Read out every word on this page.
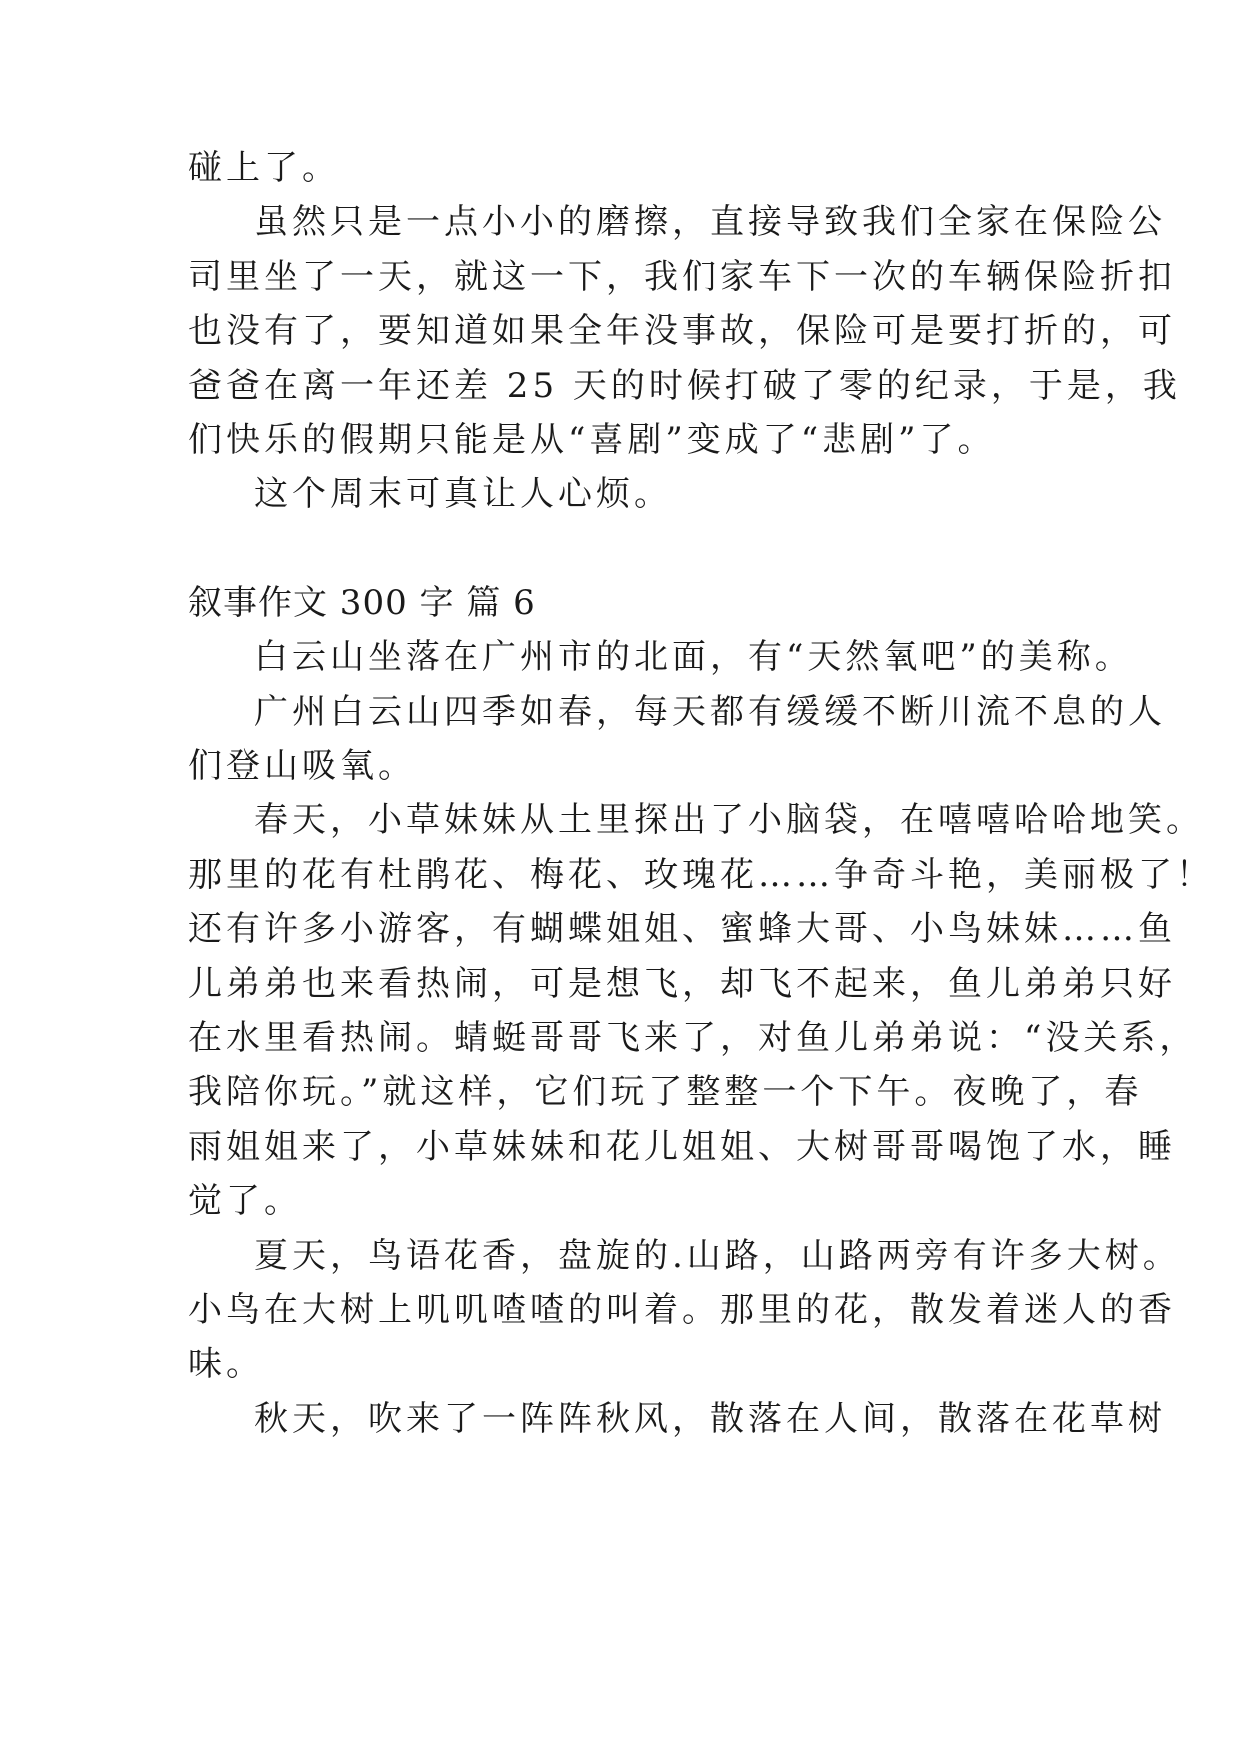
碰上了。
虽然只是一点小小的磨擦，直接导致我们全家在保险公
司里坐了一天，就这一下，我们家车下一次的车辆保险折扣
也没有了，要知道如果全年没事故，保险可是要打折的，可
爸爸在离一年还差 25 天的时候打破了零的纪录，于是，我
们快乐的假期只能是从“喜剧”变成了“悲剧”了。
这个周末可真让人心烦。
叙事作文 300 字 篇 6
白云山坐落在广州市的北面，有“天然氧吧”的美称。
广州白云山四季如春，每天都有缓缓不断川流不息的人
们登山吸氧。
春天，小草妹妹从土里探出了小脑袋，在嘻嘻哈哈地笑。
那里的花有杜鹃花、梅花、玫瑰花……争奇斗艳，美丽极了！
还有许多小游客，有蝴蝶姐姐、蜜蜂大哥、小鸟妹妹……鱼
儿弟弟也来看热闹，可是想飞，却飞不起来，鱼儿弟弟只好
在水里看热闹。蜻蜓哥哥飞来了，对鱼儿弟弟说：“没关系，
我陪你玩。”就这样，它们玩了整整一个下午。夜晚了，春
雨姐姐来了，小草妹妹和花儿姐姐、大树哥哥喝饱了水，睡
觉了。
夏天，鸟语花香，盘旋的.山路，山路两旁有许多大树。
小鸟在大树上叽叽喳喳的叫着。那里的花，散发着迷人的香
味。
秋天，吹来了一阵阵秋风，散落在人间，散落在花草树
